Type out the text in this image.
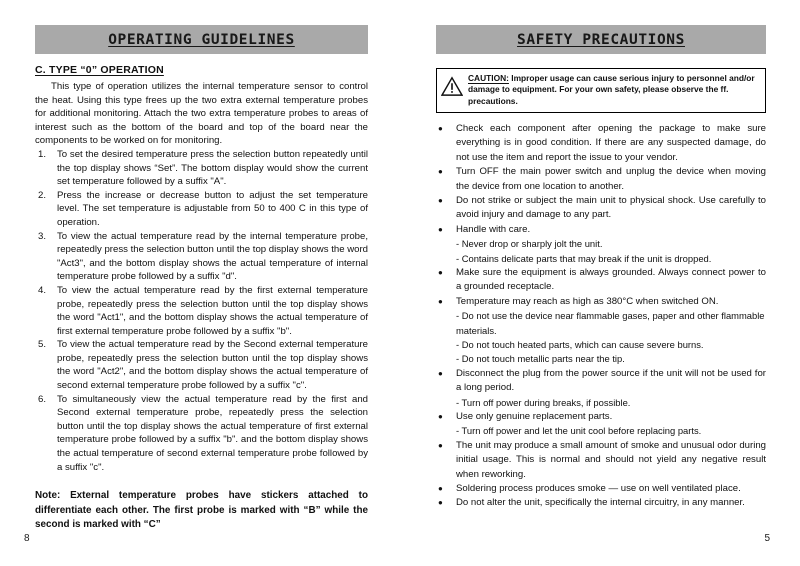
OPERATING GUIDELINES
C. TYPE “0” OPERATION

This type of operation utilizes the internal temperature sensor to control the heat. Using this type frees up the two extra external temperature probes for additional monitoring. Attach the two extra temperature probes to areas of interest such as the bottom of the board and top of the board near the components to be worked on for monitoring.

To set the desired temperature press the selection button repeatedly until the top display shows “Set”. The bottom display would show the current set temperature followed by a suffix "A".
Press the increase or decrease button to adjust the set temperature level. The set temperature is adjustable from 50 to 400 C in this type of operation.
To view the actual temperature read by the internal temperature probe, repeatedly press the selection button until the top display shows the word "Act3", and the bottom display shows the actual temperature of internal temperature probe followed by a suffix "d".
To view the actual temperature read by the first external temperature probe, repeatedly press the selection button until the top display shows the word "Act1", and the bottom display shows the actual temperature of first external temperature probe followed by a suffix "b".
To view the actual temperature read by the Second external temperature probe, repeatedly press the selection button until the top display shows the word "Act2", and the bottom display shows the actual temperature of second external temperature probe followed by a suffix "c".
To simultaneously view the actual temperature read by the first and Second external temperature probe, repeatedly press the selection button until the top display shows the actual temperature of first external temperature probe followed by a suffix "b". and the bottom display shows the actual temperature of second external temperature probe followed by a suffix "c".
Note: External temperature probes have stickers attached to differentiate each other. The first probe is marked with “B” while the second is marked with “C”
8
SAFETY PRECAUTIONS
CAUTION: Improper usage can cause serious injury to personnel and/or damage to equipment. For your own safety, please observe the ff. precautions.
● Check each component after opening the package to make sure everything is in good condition. If there are any suspected damage, do not use the item and report the issue to your vendor.
● Turn OFF the main power switch and unplug the device when moving the device from one location to another.
● Do not strike or subject the main unit to physical shock. Use carefully to avoid injury and damage to any part.
● Handle with care.
- Never drop or sharply jolt the unit.
- Contains delicate parts that may break if the unit is dropped.
● Make sure the equipment is always grounded. Always connect power to a grounded receptacle.
● Temperature may reach as high as 380°C when switched ON.
- Do not use the device near flammable gases, paper and other flammable materials.
- Do not touch heated parts, which can cause severe burns.
- Do not touch metallic parts near the tip.
● Disconnect the plug from the power source if the unit will not be used for a long period.
- Turn off power during breaks, if possible.
● Use only genuine replacement parts.
- Turn off power and let the unit cool before replacing parts.
● The unit may produce a small amount of smoke and unusual odor during initial usage. This is normal and should not yield any negative result when reworking.
● Soldering process produces smoke — use on well ventilated place.
● Do not alter the unit, specifically the internal circuitry, in any manner.
5
